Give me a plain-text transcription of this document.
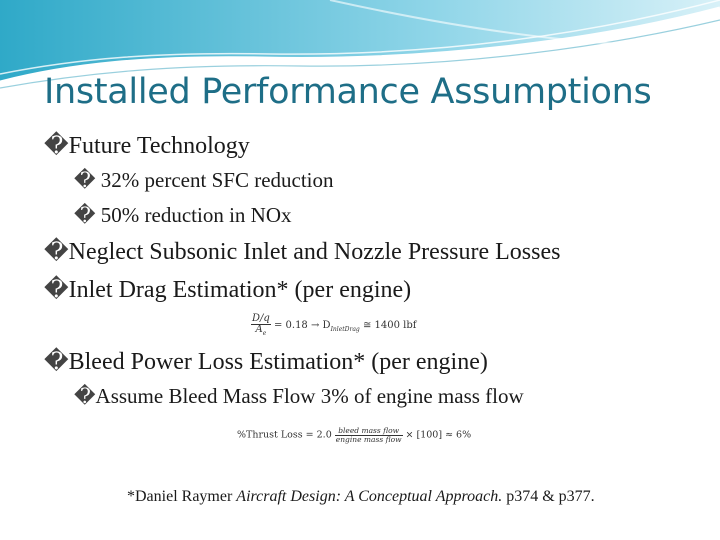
Installed Performance Assumptions
�Future Technology
� 32% percent SFC reduction
� 50% reduction in NOx
�Neglect Subsonic Inlet and Nozzle Pressure Losses
�Inlet Drag Estimation* (per engine)
$\frac{D/q}{A_e} = 0.18 \to D_{InletDrag}$ ≅ 1400 lbf
�Bleed Power Loss Estimation* (per engine)
�Assume Bleed Mass Flow 3% of engine mass flow
%Thrust Loss = $2.0 \frac{\text{bleed mass flow}}{\text{engine mass flow}} \times [100] \approx 6\%$
*Daniel Raymer Aircraft Design: A Conceptual Approach. p374 & p377.
